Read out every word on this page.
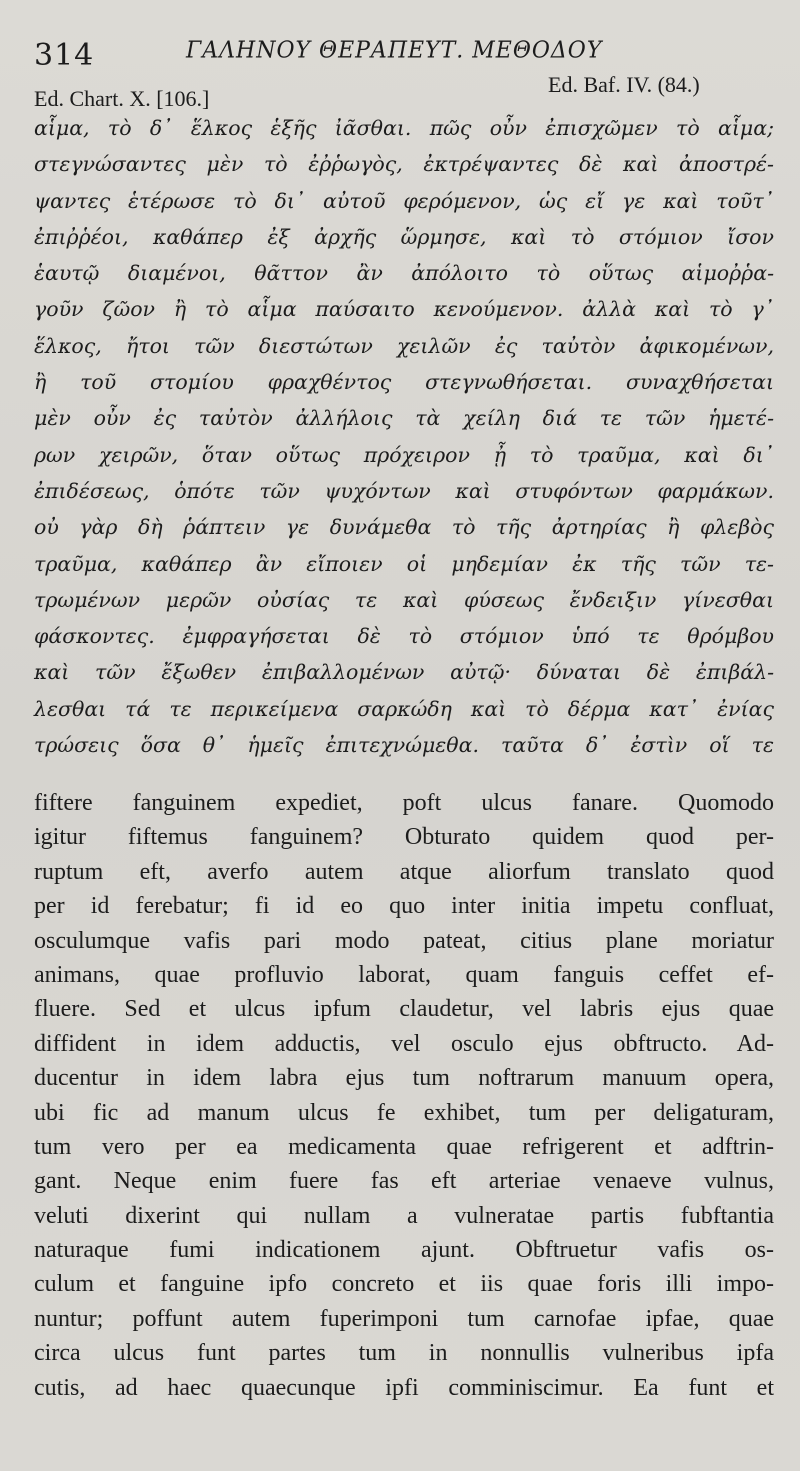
314	ΓΑΛΗΝΟΥ ΘΕΡΑΠΕΥΤ. ΜΕΘΟΔΟΥ
Ed. Chart. X. [106.]
Ed. Baf. IV. (84.)
αἷμα, τὸ δ᾽ ἕλκος ἑξῆς ἰᾶσθαι. πῶς οὖν ἐπισχῶμεν τὸ αἷμα;
στεγνώσαντες μὲν τὸ ἐῤῥωγὸς, ἐκτρέψαντες δὲ καὶ ἀποστρέ-
ψαντες ἑτέρωσε τὸ δι᾽ αὐτοῦ φερόμενον, ὡς εἴ γε καὶ τοῦτ᾽
ἐπιῤῥέοι, καθάπερ ἐξ ἀρχῆς ὥρμησε, καὶ τὸ στόμιον ἴσον
ἑαυτῷ διαμένοι, θᾶττον ἂν ἀπόλοιτο τὸ οὕτως αἱμοῤῥα-
γοῦν ζῶον ἢ τὸ αἷμα παύσαιτο κενούμενον. ἀλλὰ καὶ τὸ γ᾽
ἕλκος, ἤτοι τῶν διεστώτων χειλῶν ἐς ταὐτὸν ἀφικομένων,
ἢ τοῦ στομίου φραχθέντος στεγνωθήσεται. συναχθήσεται
μὲν οὖν ἐς ταὐτὸν ἀλλήλοις τὰ χείλη διά τε τῶν ἡμετέ-
ρων χειρῶν, ὅταν οὕτως πρόχειρον ᾖ τὸ τραῦμα, καὶ δι᾽
ἐπιδέσεως, ὁπότε τῶν ψυχόντων καὶ στυφόντων φαρμάκων.
οὐ γὰρ δὴ ῥάπτειν γε δυνάμεθα τὸ τῆς ἀρτηρίας ἢ φλεβὸς
τραῦμα, καθάπερ ἂν εἴποιεν οἱ μηδεμίαν ἐκ τῆς τῶν τε-
τρωμένων μερῶν οὐσίας τε καὶ φύσεως ἔνδειξιν γίνεσθαι
φάσκοντες. ἐμφραγήσεται δὲ τὸ στόμιον ὑπό τε θρόμβου
καὶ τῶν ἔξωθεν ἐπιβαλλομένων αὐτῷ· δύναται δὲ ἐπιβάλ-
λεσθαι τά τε περικείμενα σαρκώδη καὶ τὸ δέρμα κατ᾽ ἐνίας
τρώσεις ὅσα θ᾽ ἡμεῖς ἐπιτεχνώμεθα. ταῦτα δ᾽ ἐστὶν οἵ τε
fiftere fanguinem expediet, poft ulcus fanare. Quomodo
igitur fiftemus fanguinem? Obturato quidem quod per-
ruptum eft, averfo autem atque aliorfum translato quod
per id ferebatur; fi id eo quo inter initia impetu confluat,
osculumque vafis pari modo pateat, citius plane moriatur
animans, quae profluvio laborat, quam fanguis ceffet ef-
fluere. Sed et ulcus ipfum claudetur, vel labris ejus quae
diffident in idem adductis, vel osculo ejus obftructo. Ad-
ducentur in idem labra ejus tum noftrarum manuum opera,
ubi fic ad manum ulcus fe exhibet, tum per deligaturam,
tum vero per ea medicamenta quae refrigerent et adftrin-
gant. Neque enim fuere fas eft arteriae venaeve vulnus,
veluti dixerint qui nullam a vulneratae partis fubftantia
naturaque fumi indicationem ajunt. Obftruetur vafis os-
culum et fanguine ipfo concreto et iis quae foris illi impo-
nuntur; poffunt autem fuperimponi tum carnofae ipfae, quae
circa ulcus funt partes tum in nonnullis vulneribus ipfa
cutis, ad haec quaecunque ipfi comminiscimur. Ea funt et
